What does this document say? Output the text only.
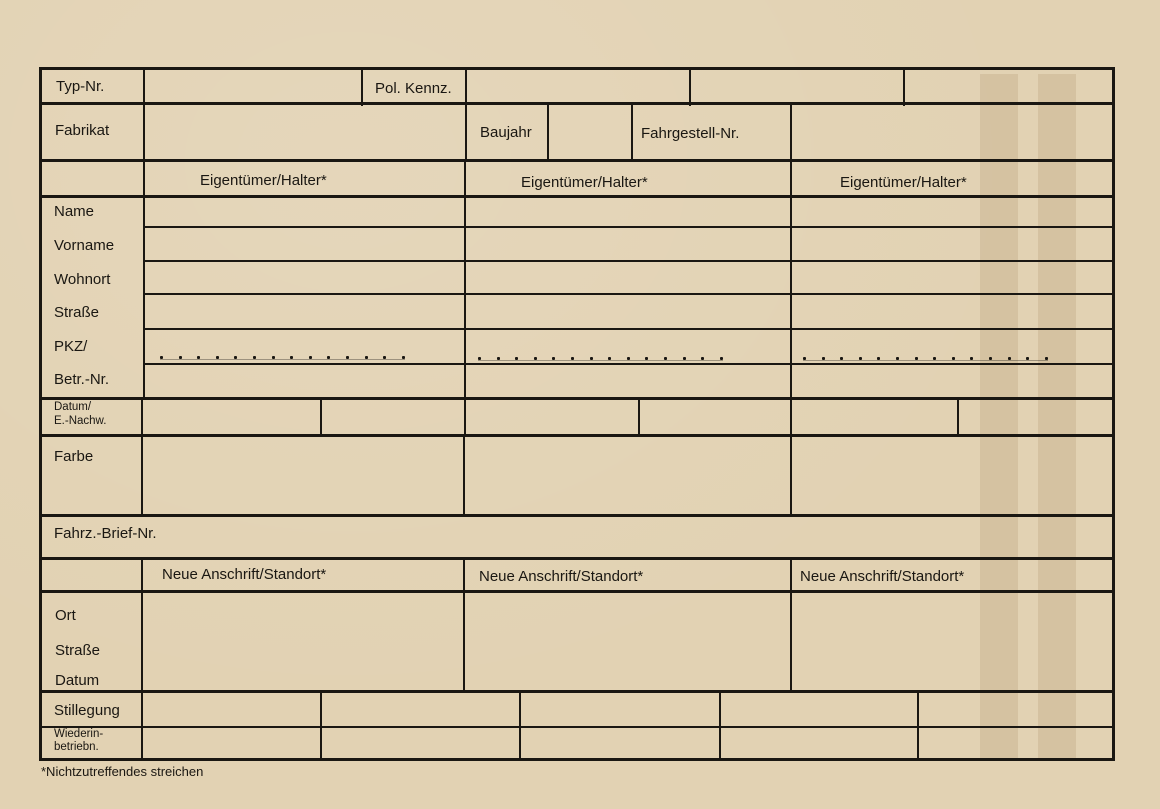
Typ-Nr.	Pol. Kennz.
Fabrikat	Baujahr	Fahrgestell-Nr.
Eigentümer/Halter*	Eigentümer/Halter*	Eigentümer/Halter*
Name
Vorname
Wohnort
Straße
PKZ/
Betr.-Nr.
Datum/
E.-Nachw.
Farbe
Fahrz.-Brief-Nr.
Neue Anschrift/Standort*	Neue Anschrift/Standort*	Neue Anschrift/Standort*
Ort
Straße
Datum
Stillegung
Wiederin-
betriebn.
*Nichtzutreffendes streichen
